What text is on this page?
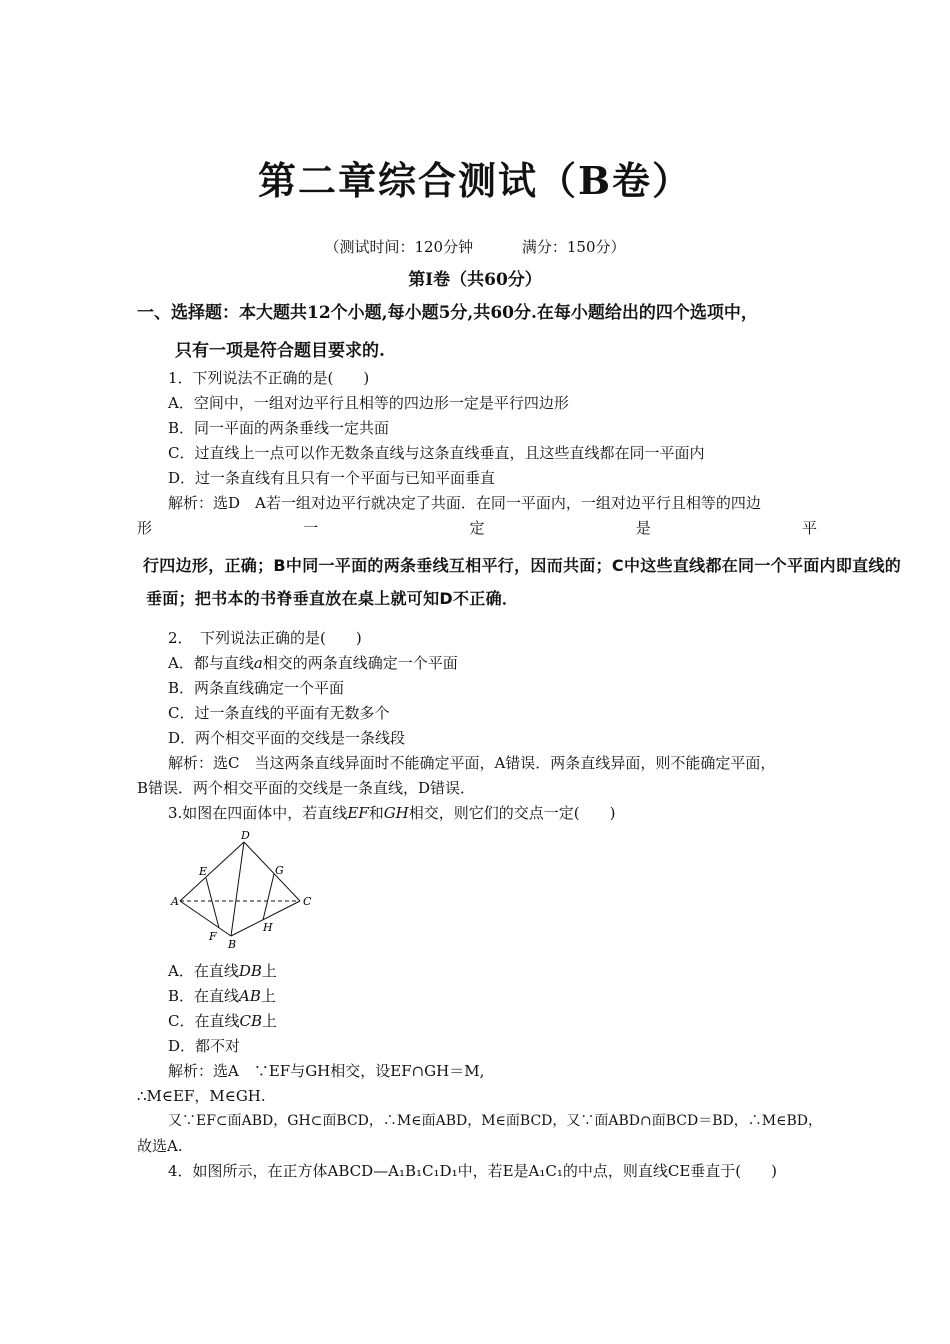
第二章综合测试（B卷）
（测试时间：120分钟	满分：150分）
第Ⅰ卷（共60分）
一、选择题：本大题共12个小题,每小题5分,共60分.在每小题给出的四个选项中，
只有一项是符合题目要求的.
1．下列说法不正确的是(　　)
A．空间中，一组对边平行且相等的四边形一定是平行四边形
B．同一平面的两条垂线一定共面
C．过直线上一点可以作无数条直线与这条直线垂直，且这些直线都在同一平面内
D．过一条直线有且只有一个平面与已知平面垂直
解析：选D　A若一组对边平行就决定了共面．在同一平面内，一组对边平行且相等的四边
形	一	定	是	平
行四边形，正确；B中同一平面的两条垂线互相平行，因而共面；C中这些直线都在同一个平面内即直线的
垂面；把书本的书脊垂直放在桌上就可知D不正确．
2．　下列说法正确的是(　　)
A．都与直线a相交的两条直线确定一个平面
B．两条直线确定一个平面
C．过一条直线的平面有无数多个
D．两个相交平面的交线是一条线段
解析：选C　当这两条直线异面时不能确定平面，A错误．两条直线异面，则不能确定平面，
B错误．两个相交平面的交线是一条直线，D错误．
3.如图在四面体中，若直线EF和GH相交，则它们的交点一定(　　)
D
E	G
A	C
F
H
B
A．在直线DB上
B．在直线AB上
C．在直线CB上
D．都不对
解析：选A　∵EF与GH相交，设EF∩GH＝M,
∴M∈EF，M∈GH.
又∵EF⊂面ABD，GH⊂面BCD，∴M∈面ABD，M∈面BCD，又∵面ABD∩面BCD＝BD，∴M∈BD，
故选A.
4．如图所示，在正方体ABCD—A₁B₁C₁D₁中，若E是A₁C₁的中点，则直线CE垂直于(　　)
